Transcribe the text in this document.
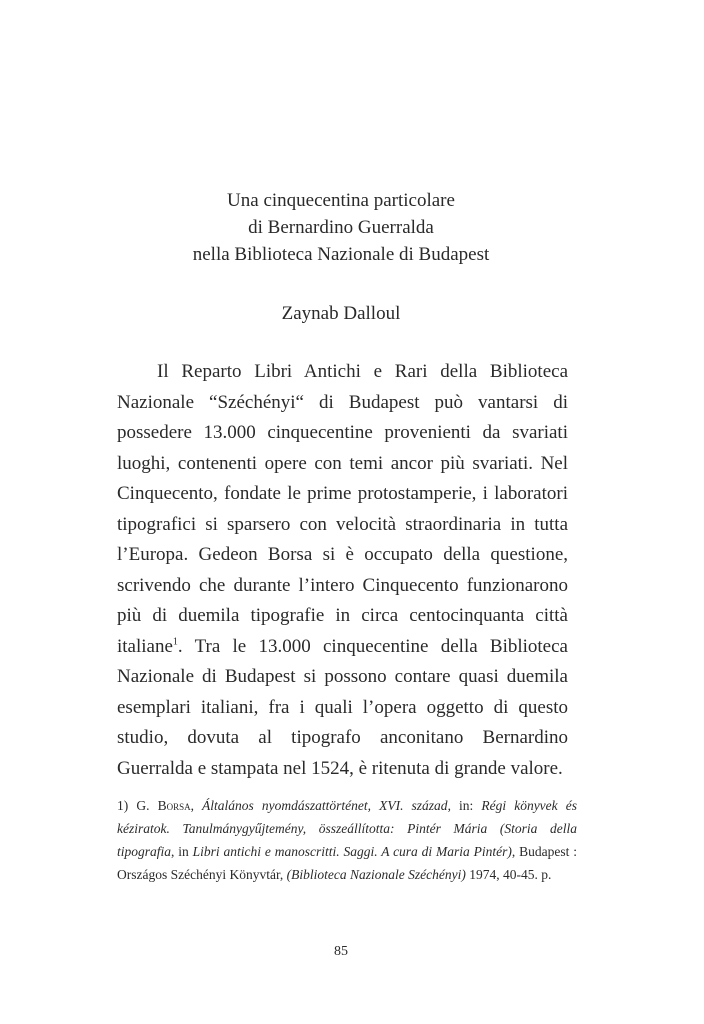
Una cinquecentina particolare
di Bernardino Guerralda
nella Biblioteca Nazionale di Budapest
Zaynab Dalloul

Il Reparto Libri Antichi e Rari della Biblioteca Nazionale “Széchényi“ di Budapest può vantarsi di possedere 13.000 cinquecentine provenienti da svariati luoghi, contenenti opere con temi ancor più svariati. Nel Cinquecento, fondate le prime protostamperie, i laboratori tipografici si sparsero con velocità straordinaria in tutta l’Europa. Gedeon Borsa si è occupato della questione, scrivendo che durante l’intero Cinquecento funzionarono più di duemila tipografie in circa centocinquanta città italiane$^1$. Tra le 13.000 cinquecentine della Biblioteca Nazionale di Budapest si possono contare quasi duemila esemplari italiani, fra i quali l’opera oggetto di questo studio, dovuta al tipografo anconitano Bernardino Guerralda e stampata nel 1524, è ritenuta di grande valore.

1) G. Borsa, Általános nyomdászattörténet, XVI. század, in: Régi könyvek és kéziratok. Tanulmánygyűjtemény, összeállította: Pintér Mária (Storia della tipografia, in Libri antichi e manoscritti. Saggi. A cura di Maria Pintér), Budapest : Országos Széchényi Könyvtár, (Biblioteca Nazionale Széchényi) 1974, 40-45. p.

85
